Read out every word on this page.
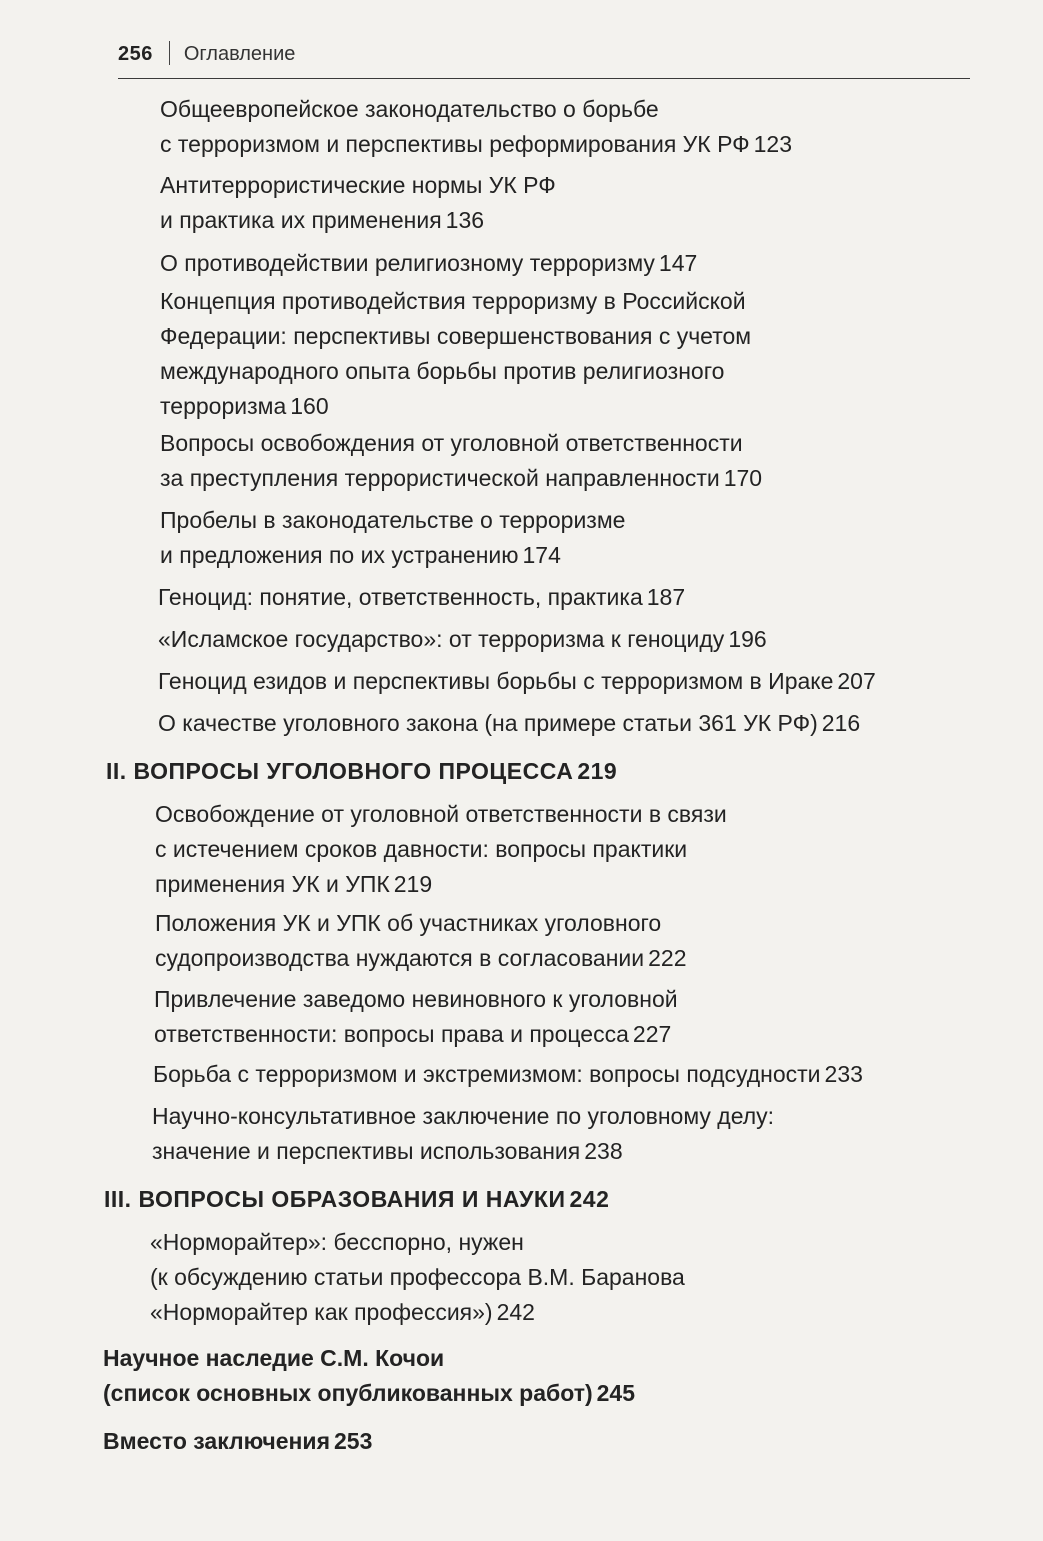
256 Оглавление
Общеевропейское законодательство о борьбе
с терроризмом и перспективы реформирования УК РФ 123
Антитеррористические нормы УК РФ
и практика их применения 136
О противодействии религиозному терроризму 147
Концепция противодействия терроризму в Российской
Федерации: перспективы совершенствования с учетом
международного опыта борьбы против религиозного
терроризма 160
Вопросы освобождения от уголовной ответственности
за преступления террористической направленности 170
Пробелы в законодательстве о терроризме
и предложения по их устранению 174
Геноцид: понятие, ответственность, практика 187
«Исламское государство»: от терроризма к геноциду 196
Геноцид езидов и перспективы борьбы с терроризмом в Ираке 207
О качестве уголовного закона (на примере статьи 361 УК РФ) 216
II. ВОПРОСЫ УГОЛОВНОГО ПРОЦЕССА 219
Освобождение от уголовной ответственности в связи
с истечением сроков давности: вопросы практики
применения УК и УПК 219
Положения УК и УПК об участниках уголовного
судопроизводства нуждаются в согласовании 222
Привлечение заведомо невиновного к уголовной
ответственности: вопросы права и процесса 227
Борьба с терроризмом и экстремизмом: вопросы подсудности 233
Научно-консультативное заключение по уголовному делу:
значение и перспективы использования 238
III. ВОПРОСЫ ОБРАЗОВАНИЯ И НАУКИ 242
«Норморайтер»: бесспорно, нужен
(к обсуждению статьи профессора В.М. Баранова
«Норморайтер как профессия») 242
Научное наследие С.М. Кочои
(список основных опубликованных работ) 245
Вместо заключения 253
